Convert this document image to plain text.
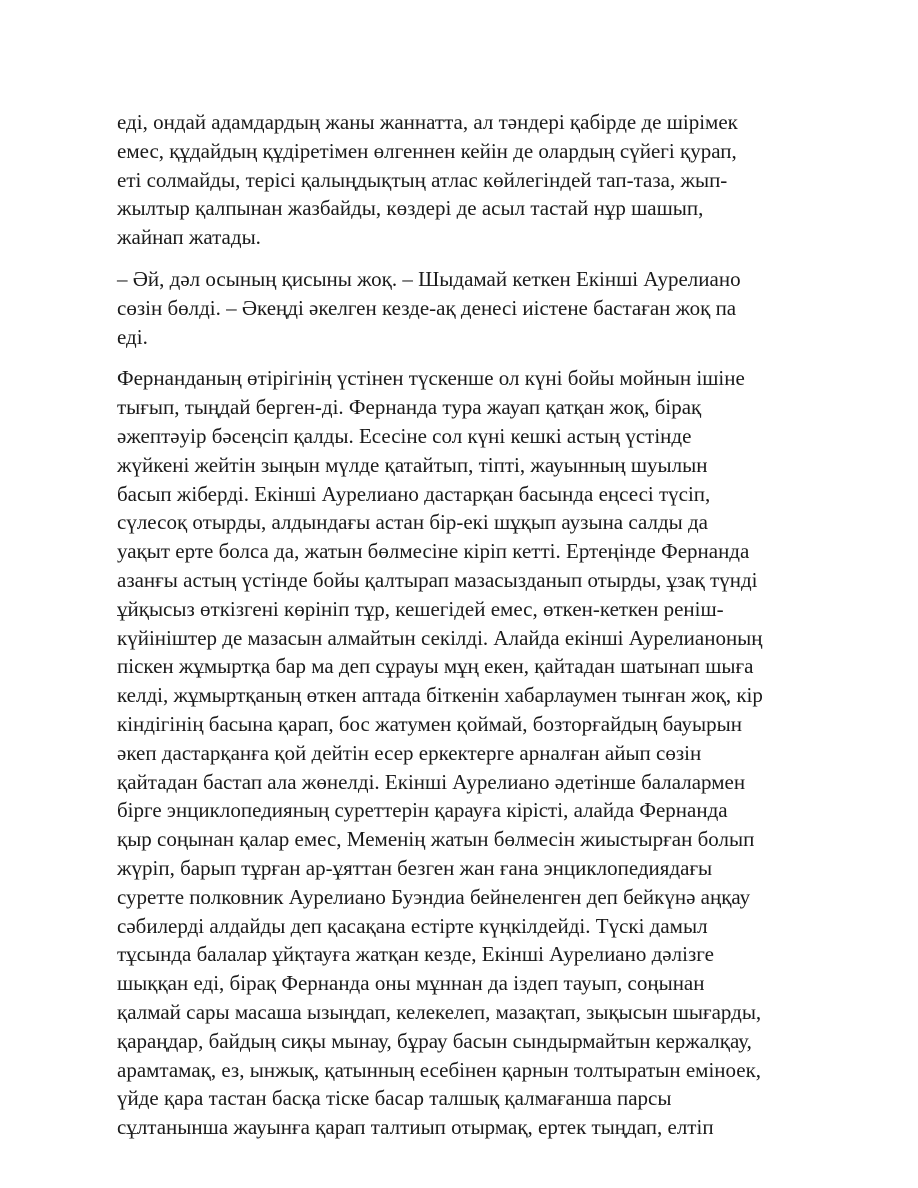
еді, ондай адамдардың жаны жаннатта, ал тәндері қабірде де шірімек
емес, құдайдың құдіретімен өлгеннен кейін де олардың сүйегі қурап,
еті солмайды, терісі қалыңдықтың атлас көйлегіндей тап-таза, жып-
жылтыр қалпынан жазбайды, көздері де асыл тастай нұр шашып,
жайнап жатады.

– Әй, дәл осының қисыны жоқ. – Шыдамай кеткен Екінші Аурелиано
сөзін бөлді. – Әкеңді әкелген кезде-ақ денесі иістене бастаған жоқ па
еді.

Фернанданың өтірігінің үстінен түскенше ол күні бойы мойнын ішіне
тығып, тыңдай берген-ді. Фернанда тура жауап қатқан жоқ, бірақ
әжептәуір бәсеңсіп қалды. Есесіне сол күні кешкі астың үстінде
жүйкені жейтін зыңын мүлде қатайтып, тіпті, жауынның шуылын
басып жіберді. Екінші Аурелиано дастарқан басында еңсесі түсіп,
сүлесоқ отырды, алдындағы астан бір-екі шұқып аузына салды да
уақыт ерте болса да, жатын бөлмесіне кіріп кетті. Ертеңінде Фернанда
азанғы астың үстінде бойы қалтырап мазасызданып отырды, ұзақ түнді
ұйқысыз өткізгені көрініп тұр, кешегідей емес, өткен-кеткен реніш-
күйініштер де мазасын алмайтын секілді. Алайда екінші Аурелианоның
піскен жұмыртқа бар ма деп сұрауы мұң екен, қайтадан шатынап шыға
келді, жұмыртқаның өткен аптада біткенін хабарлаумен тынған жоқ, кір
кіндігінің басына қарап, бос жатумен қоймай, бозторғайдың бауырын
әкеп дастарқанға қой дейтін есер еркектерге арналған айып сөзін
қайтадан бастап ала жөнелді. Екінші Аурелиано әдетінше балалармен
бірге энциклопедияның суреттерін қарауға кірісті, алайда Фернанда
қыр соңынан қалар емес, Меменің жатын бөлмесін жиыстырған болып
жүріп, барып тұрған ар-ұяттан безген жан ғана энциклопедиядағы
суретте полковник Аурелиано Буэндиа бейнеленген деп бейкүнә аңқау
сәбилерді алдайды деп қасақана естірте күңкілдейді. Түскі дамыл
тұсында балалар ұйқтауға жатқан кезде, Екінші Аурелиано дәлізге
шыққан еді, бірақ Фернанда оны мұннан да іздеп тауып, соңынан
қалмай сары масаша ызыңдап, келекелеп, мазақтап, зықысын шығарды,
қараңдар, байдың сиқы мынау, бұрау басын сындырмайтын кержалқау,
арамтамақ, ез, ынжық, қатынның есебінен қарнын толтыратын еміноек,
үйде қара тастан басқа тіске басар талшық қалмағанша парсы
сұлтанынша жауынға қарап талтиып отырмақ, ертек тыңдап, елтіп
